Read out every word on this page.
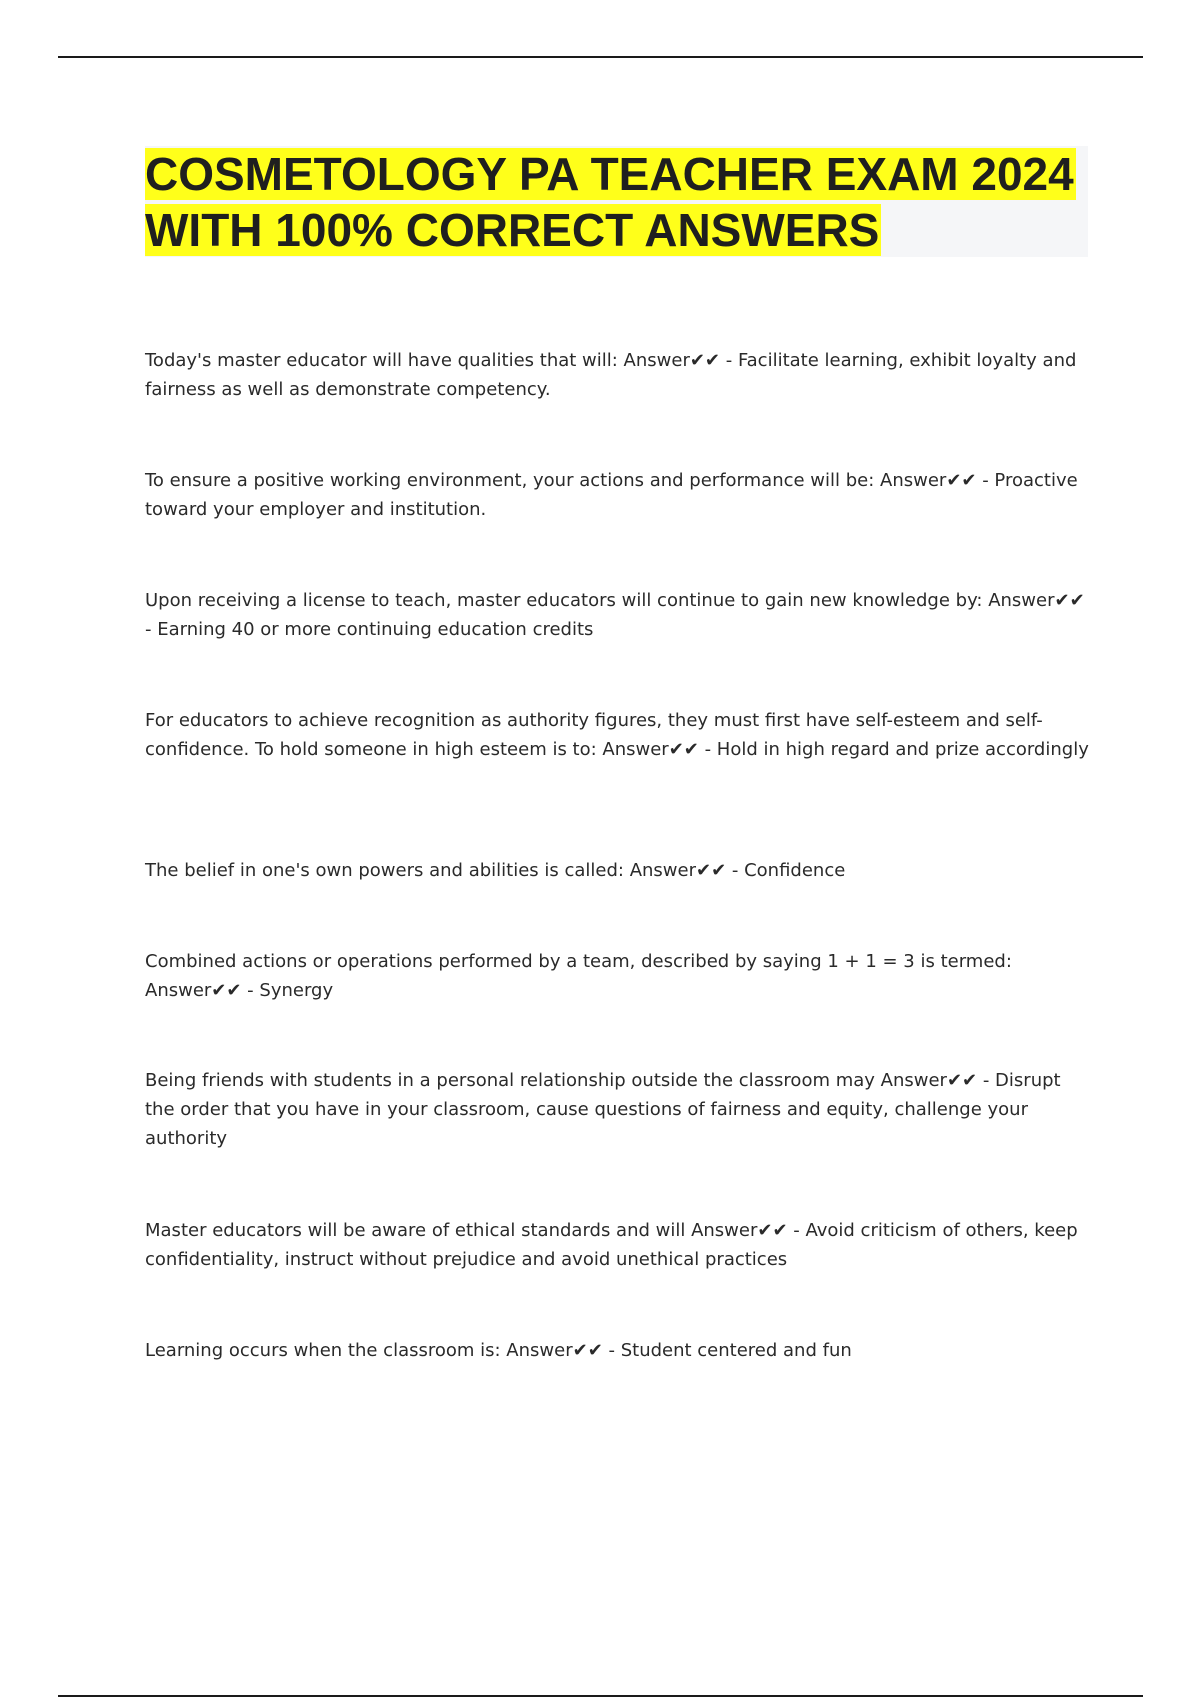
COSMETOLOGY PA TEACHER EXAM 2024 WITH 100% CORRECT ANSWERS

Today's master educator will have qualities that will: Answer✔✔ - Facilitate learning, exhibit loyalty and fairness as well as demonstrate competency.

To ensure a positive working environment, your actions and performance will be: Answer✔✔ - Proactive toward your employer and institution.

Upon receiving a license to teach, master educators will continue to gain new knowledge by: Answer✔✔ - Earning 40 or more continuing education credits

For educators to achieve recognition as authority figures, they must first have self-esteem and self-confidence. To hold someone in high esteem is to: Answer✔✔ - Hold in high regard and prize accordingly

The belief in one's own powers and abilities is called: Answer✔✔ - Confidence

Combined actions or operations performed by a team, described by saying 1 + 1 = 3 is termed: Answer✔✔ - Synergy

Being friends with students in a personal relationship outside the classroom may Answer✔✔ - Disrupt the order that you have in your classroom, cause questions of fairness and equity, challenge your authority

Master educators will be aware of ethical standards and will Answer✔✔ - Avoid criticism of others, keep confidentiality, instruct without prejudice and avoid unethical practices

Learning occurs when the classroom is: Answer✔✔ - Student centered and fun
